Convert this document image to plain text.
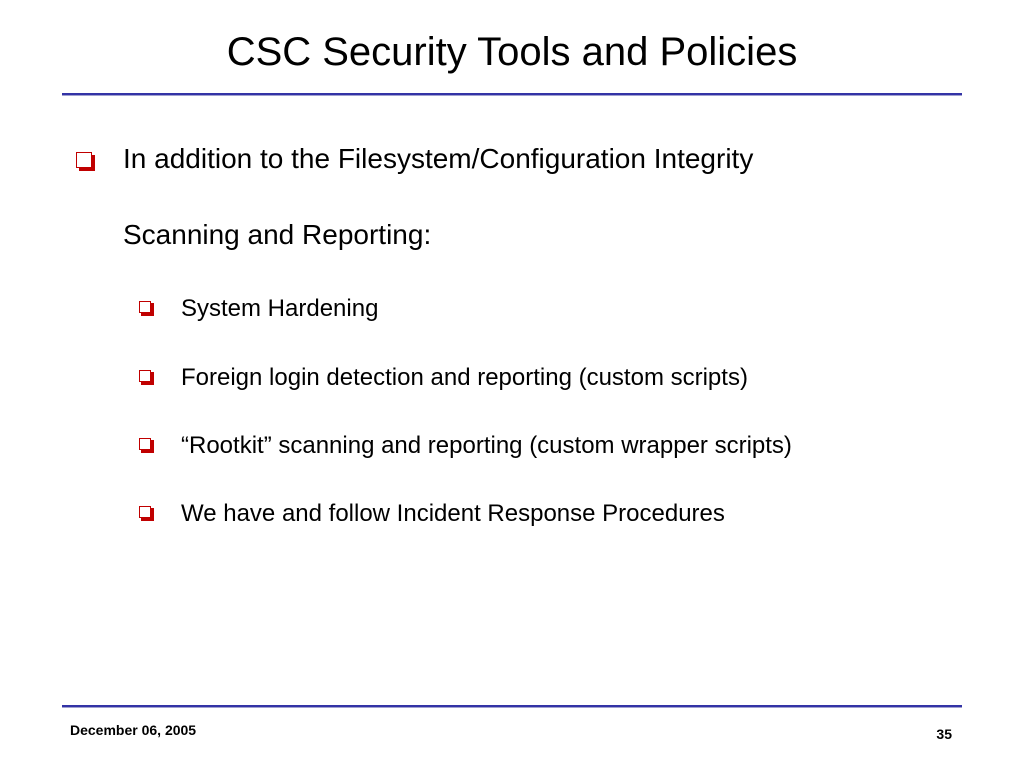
CSC Security Tools and Policies
In addition to the Filesystem/Configuration Integrity
Scanning and Reporting:
System Hardening
Foreign login detection and reporting (custom scripts)
“Rootkit” scanning and reporting (custom wrapper scripts)
We have and follow Incident Response Procedures
December 06, 2005	35
